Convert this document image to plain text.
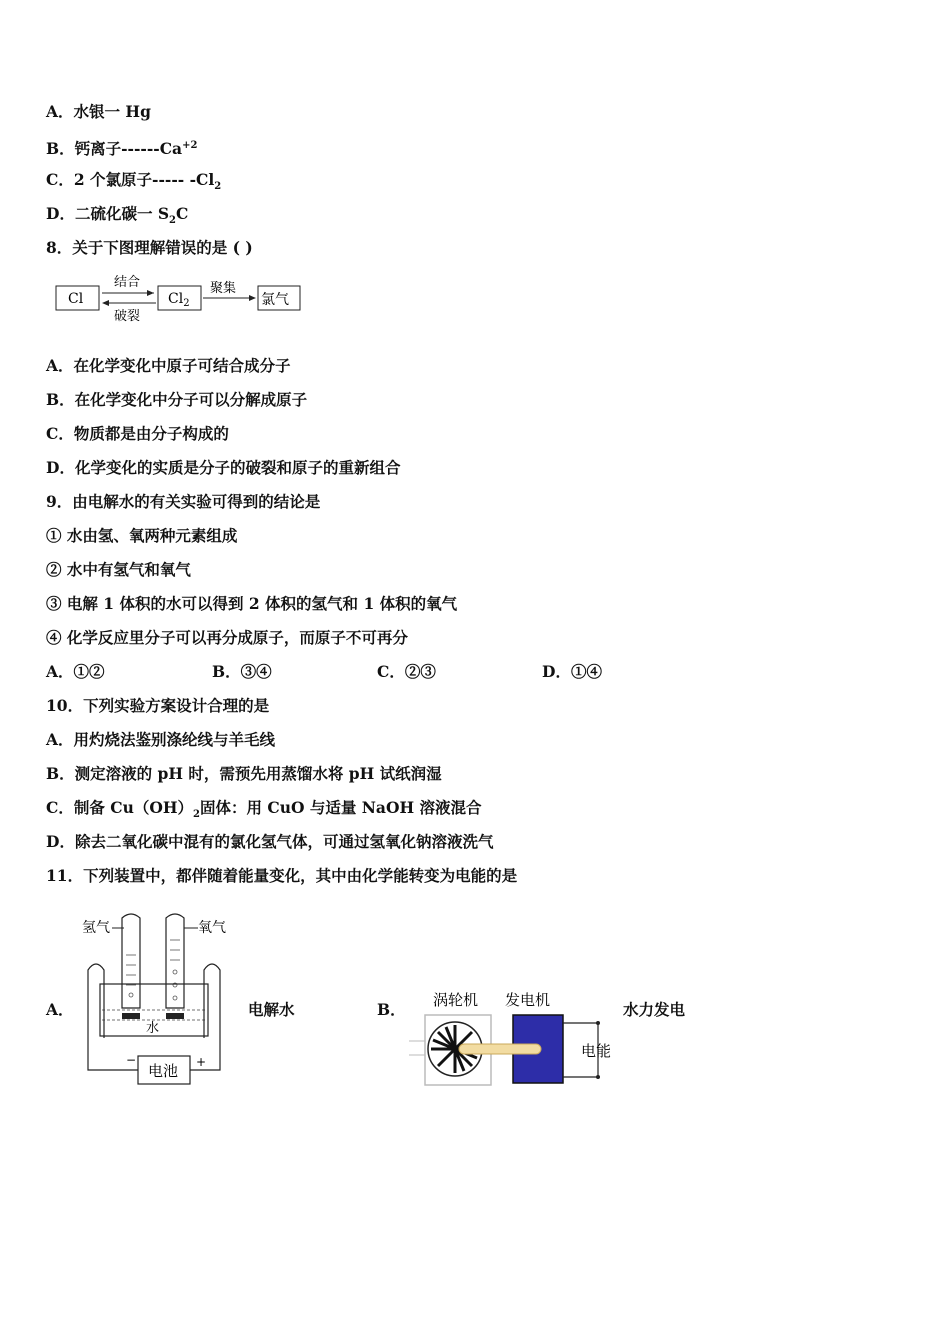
A．水银一 Hg
B．钙离子$------Ca^{+2}$
C．2 个氯原子----- $-Cl_2$
D．二硫化碳一 $S_2C$
8．关于下图理解错误的是 ( )
Cl	$Cl_2$	氯气
结合
破裂
聚集
A．在化学变化中原子可结合成分子
B．在化学变化中分子可以分解成原子
C．物质都是由分子构成的
D．化学变化的实质是分子的破裂和原子的重新组合
9．由电解水的有关实验可得到的结论是
① 水由氢、氧两种元素组成
② 水中有氢气和氧气
③ 电解 1 体积的水可以得到 2 体积的氢气和 1 体积的氧气
④ 化学反应里分子可以再分成原子，而原子不可再分
A．①②	B．③④	C．②③	D．①④
10．下列实验方案设计合理的是
A．用灼烧法鉴别涤纶线与羊毛线
B．测定溶液的 pH 时，需预先用蒸馏水将 pH 试纸润湿
C．制备 $Cu(OH)_2$固体：用 CuO 与适量 NaOH 溶液混合
D．除去二氧化碳中混有的氯化氢气体，可通过氢氧化钠溶液洗气
11．下列装置中，都伴随着能量变化，其中由化学能转变为电能的是
A．
氢气	氧气
水
电池
−	+
电解水	B． 涡轮机 发电机
电能
水力发电
